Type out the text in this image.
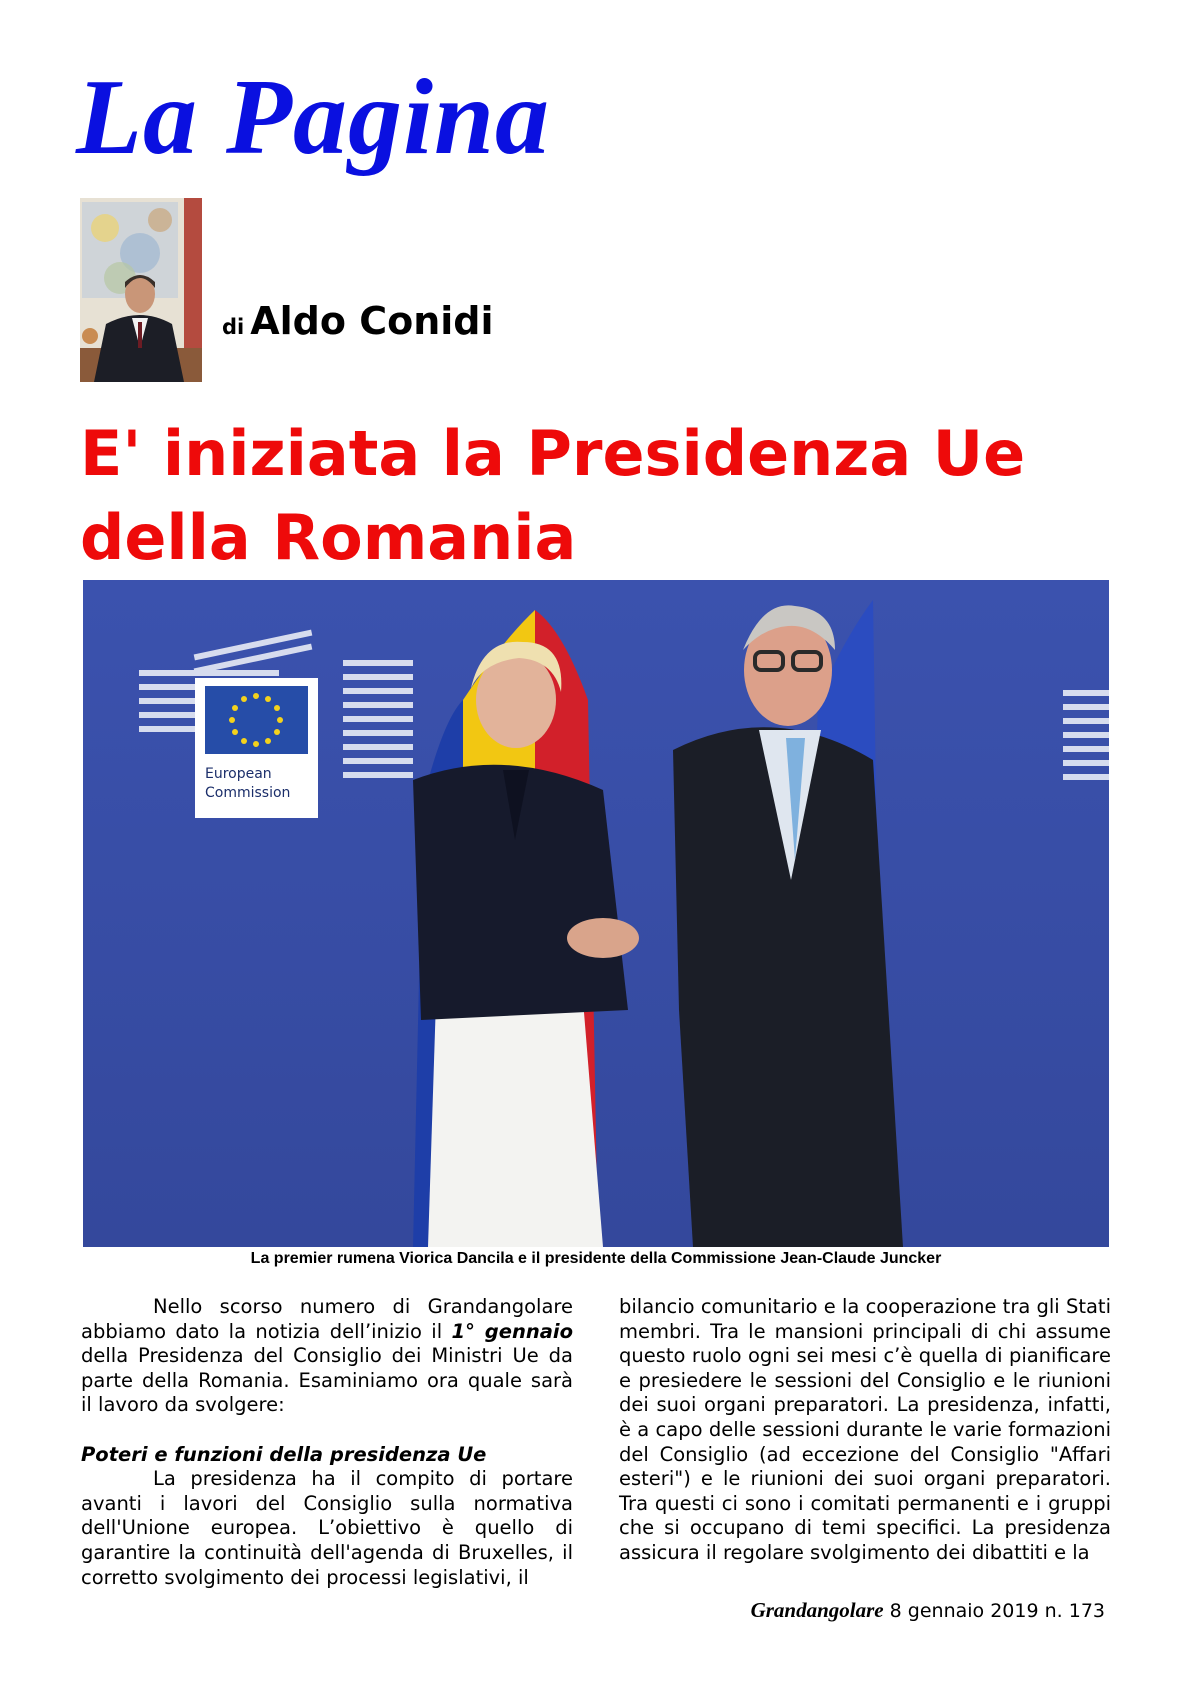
La Pagina
di Aldo Conidi
E' iniziata la Presidenza Ue della Romania
European
Commission
La premier rumena Viorica Dancila e il presidente della Commissione Jean-Claude Juncker

Nello scorso numero di Grandangolare abbiamo dato la notizia dell’inizio il 1° gennaio della Presidenza del Consiglio dei Ministri Ue da parte della Romania. Esaminiamo ora quale sarà il lavoro da svolgere:

Poteri e funzioni della presidenza Ue

La presidenza ha il compito di portare avanti i lavori del Consiglio sulla normativa dell'Unione europea. L’obiettivo è quello di garantire la continuità dell'agenda di Bruxelles, il corretto svolgimento dei processi legislativi, il

bilancio comunitario e la cooperazione tra gli Stati membri. Tra le mansioni principali di chi assume questo ruolo ogni sei mesi c’è quella di pianificare e presiedere le sessioni del Consiglio e le riunioni dei suoi organi preparatori. La presidenza, infatti, è a capo delle sessioni durante le varie formazioni del Consiglio (ad eccezione del Consiglio "Affari esteri") e le riunioni dei suoi organi preparatori. Tra questi ci sono i comitati permanenti e i gruppi che si occupano di temi specifici. La presidenza assicura il regolare svolgimento dei dibattiti e la

Grandangolare 8 gennaio 2019 n. 173
